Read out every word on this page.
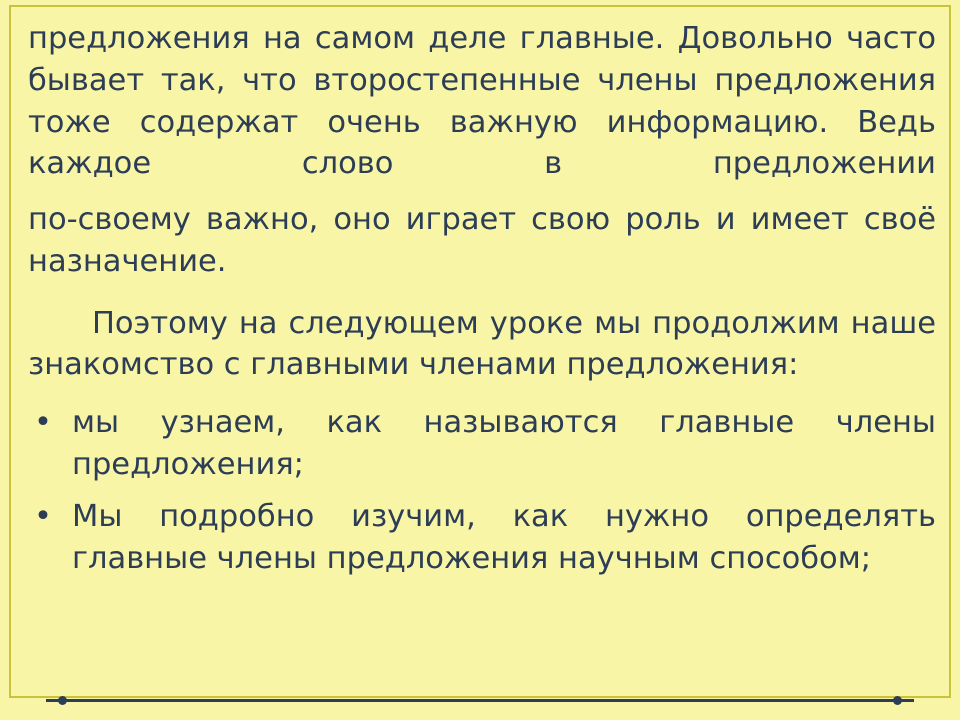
предложения на самом деле главные. Довольно часто бывает так, что второстепенные члены предложения тоже содержат очень важную информацию. Ведь каждое слово в предложении

по-своему важно, оно играет свою роль и имеет своё назначение.

Поэтому на следующем уроке мы продолжим наше знакомство с главными членами предложения:

• мы узнаем, как называются главные члены предложения;
• Мы подробно изучим, как нужно определять главные члены предложения научным способом;
